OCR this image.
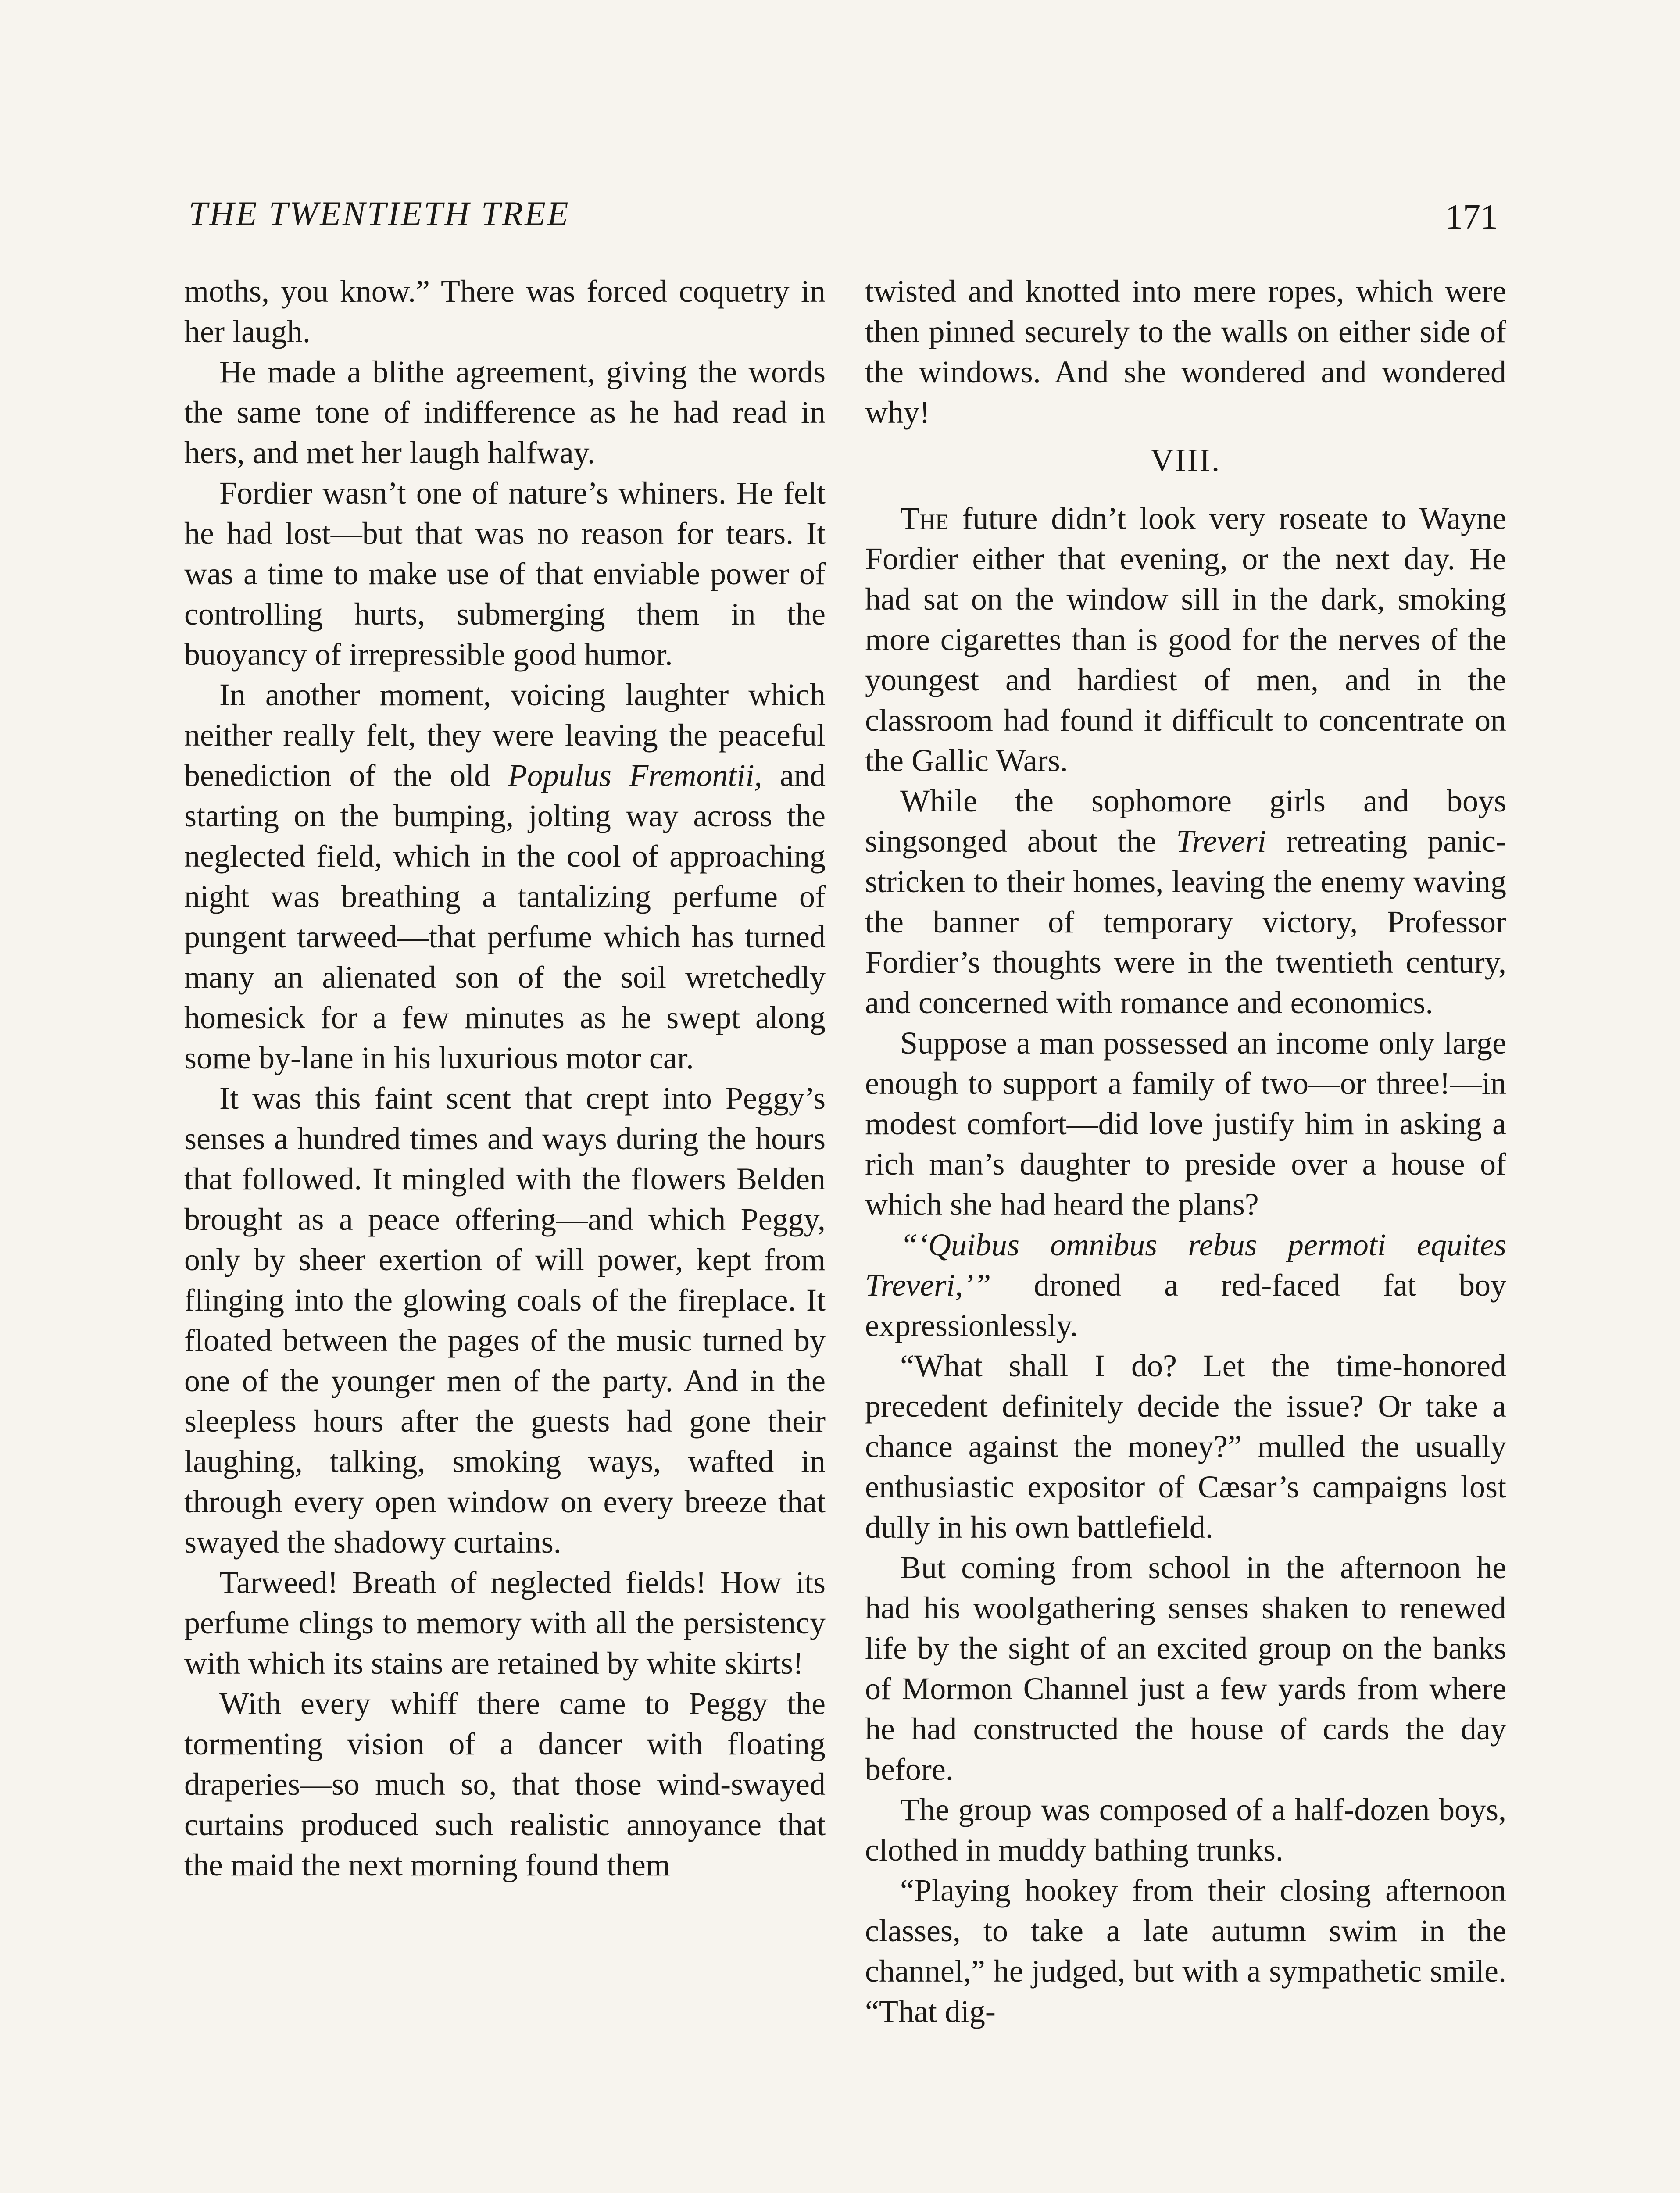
THE TWENTIETH TREE	171

moths, you know.” There was forced coquetry in her laugh.

He made a blithe agreement, giving the words the same tone of indifference as he had read in hers, and met her laugh halfway.

Fordier wasn’t one of nature’s whiners. He felt he had lost—but that was no reason for tears. It was a time to make use of that enviable power of controlling hurts, submerging them in the buoyancy of irrepressible good humor.

In another moment, voicing laughter which neither really felt, they were leaving the peaceful benediction of the old Populus Fremontii, and starting on the bumping, jolting way across the neglected field, which in the cool of approaching night was breathing a tantalizing perfume of pungent tarweed—that perfume which has turned many an alienated son of the soil wretchedly homesick for a few minutes as he swept along some by-lane in his luxurious motor car.

It was this faint scent that crept into Peggy’s senses a hundred times and ways during the hours that followed. It mingled with the flowers Belden brought as a peace offering—and which Peggy, only by sheer exertion of will power, kept from flinging into the glowing coals of the fireplace. It floated between the pages of the music turned by one of the younger men of the party. And in the sleepless hours after the guests had gone their laughing, talking, smoking ways, wafted in through every open window on every breeze that swayed the shadowy curtains.

Tarweed! Breath of neglected fields! How its perfume clings to memory with all the persistency with which its stains are retained by white skirts!

With every whiff there came to Peggy the tormenting vision of a dancer with floating draperies—so much so, that those wind-swayed curtains produced such realistic annoyance that the maid the next morning found them

twisted and knotted into mere ropes, which were then pinned securely to the walls on either side of the windows. And she wondered and wondered why!

VIII.

The future didn’t look very roseate to Wayne Fordier either that evening, or the next day. He had sat on the window sill in the dark, smoking more cigarettes than is good for the nerves of the youngest and hardiest of men, and in the classroom had found it difficult to concentrate on the Gallic Wars.

While the sophomore girls and boys singsonged about the Treveri retreating panic-stricken to their homes, leaving the enemy waving the banner of temporary victory, Professor Fordier’s thoughts were in the twentieth century, and concerned with romance and economics.

Suppose a man possessed an income only large enough to support a family of two—or three!—in modest comfort—did love justify him in asking a rich man’s daughter to preside over a house of which she had heard the plans?

“‘Quibus omnibus rebus permoti equites Treveri,’” droned a red-faced fat boy expressionlessly.

“What shall I do? Let the time-honored precedent definitely decide the issue? Or take a chance against the money?” mulled the usually enthusiastic expositor of Cæsar’s campaigns lost dully in his own battlefield.

But coming from school in the afternoon he had his woolgathering senses shaken to renewed life by the sight of an excited group on the banks of Mormon Channel just a few yards from where he had constructed the house of cards the day before.

The group was composed of a half-dozen boys, clothed in muddy bathing trunks.

“Playing hookey from their closing afternoon classes, to take a late autumn swim in the channel,” he judged, but with a sympathetic smile. “That dig-
